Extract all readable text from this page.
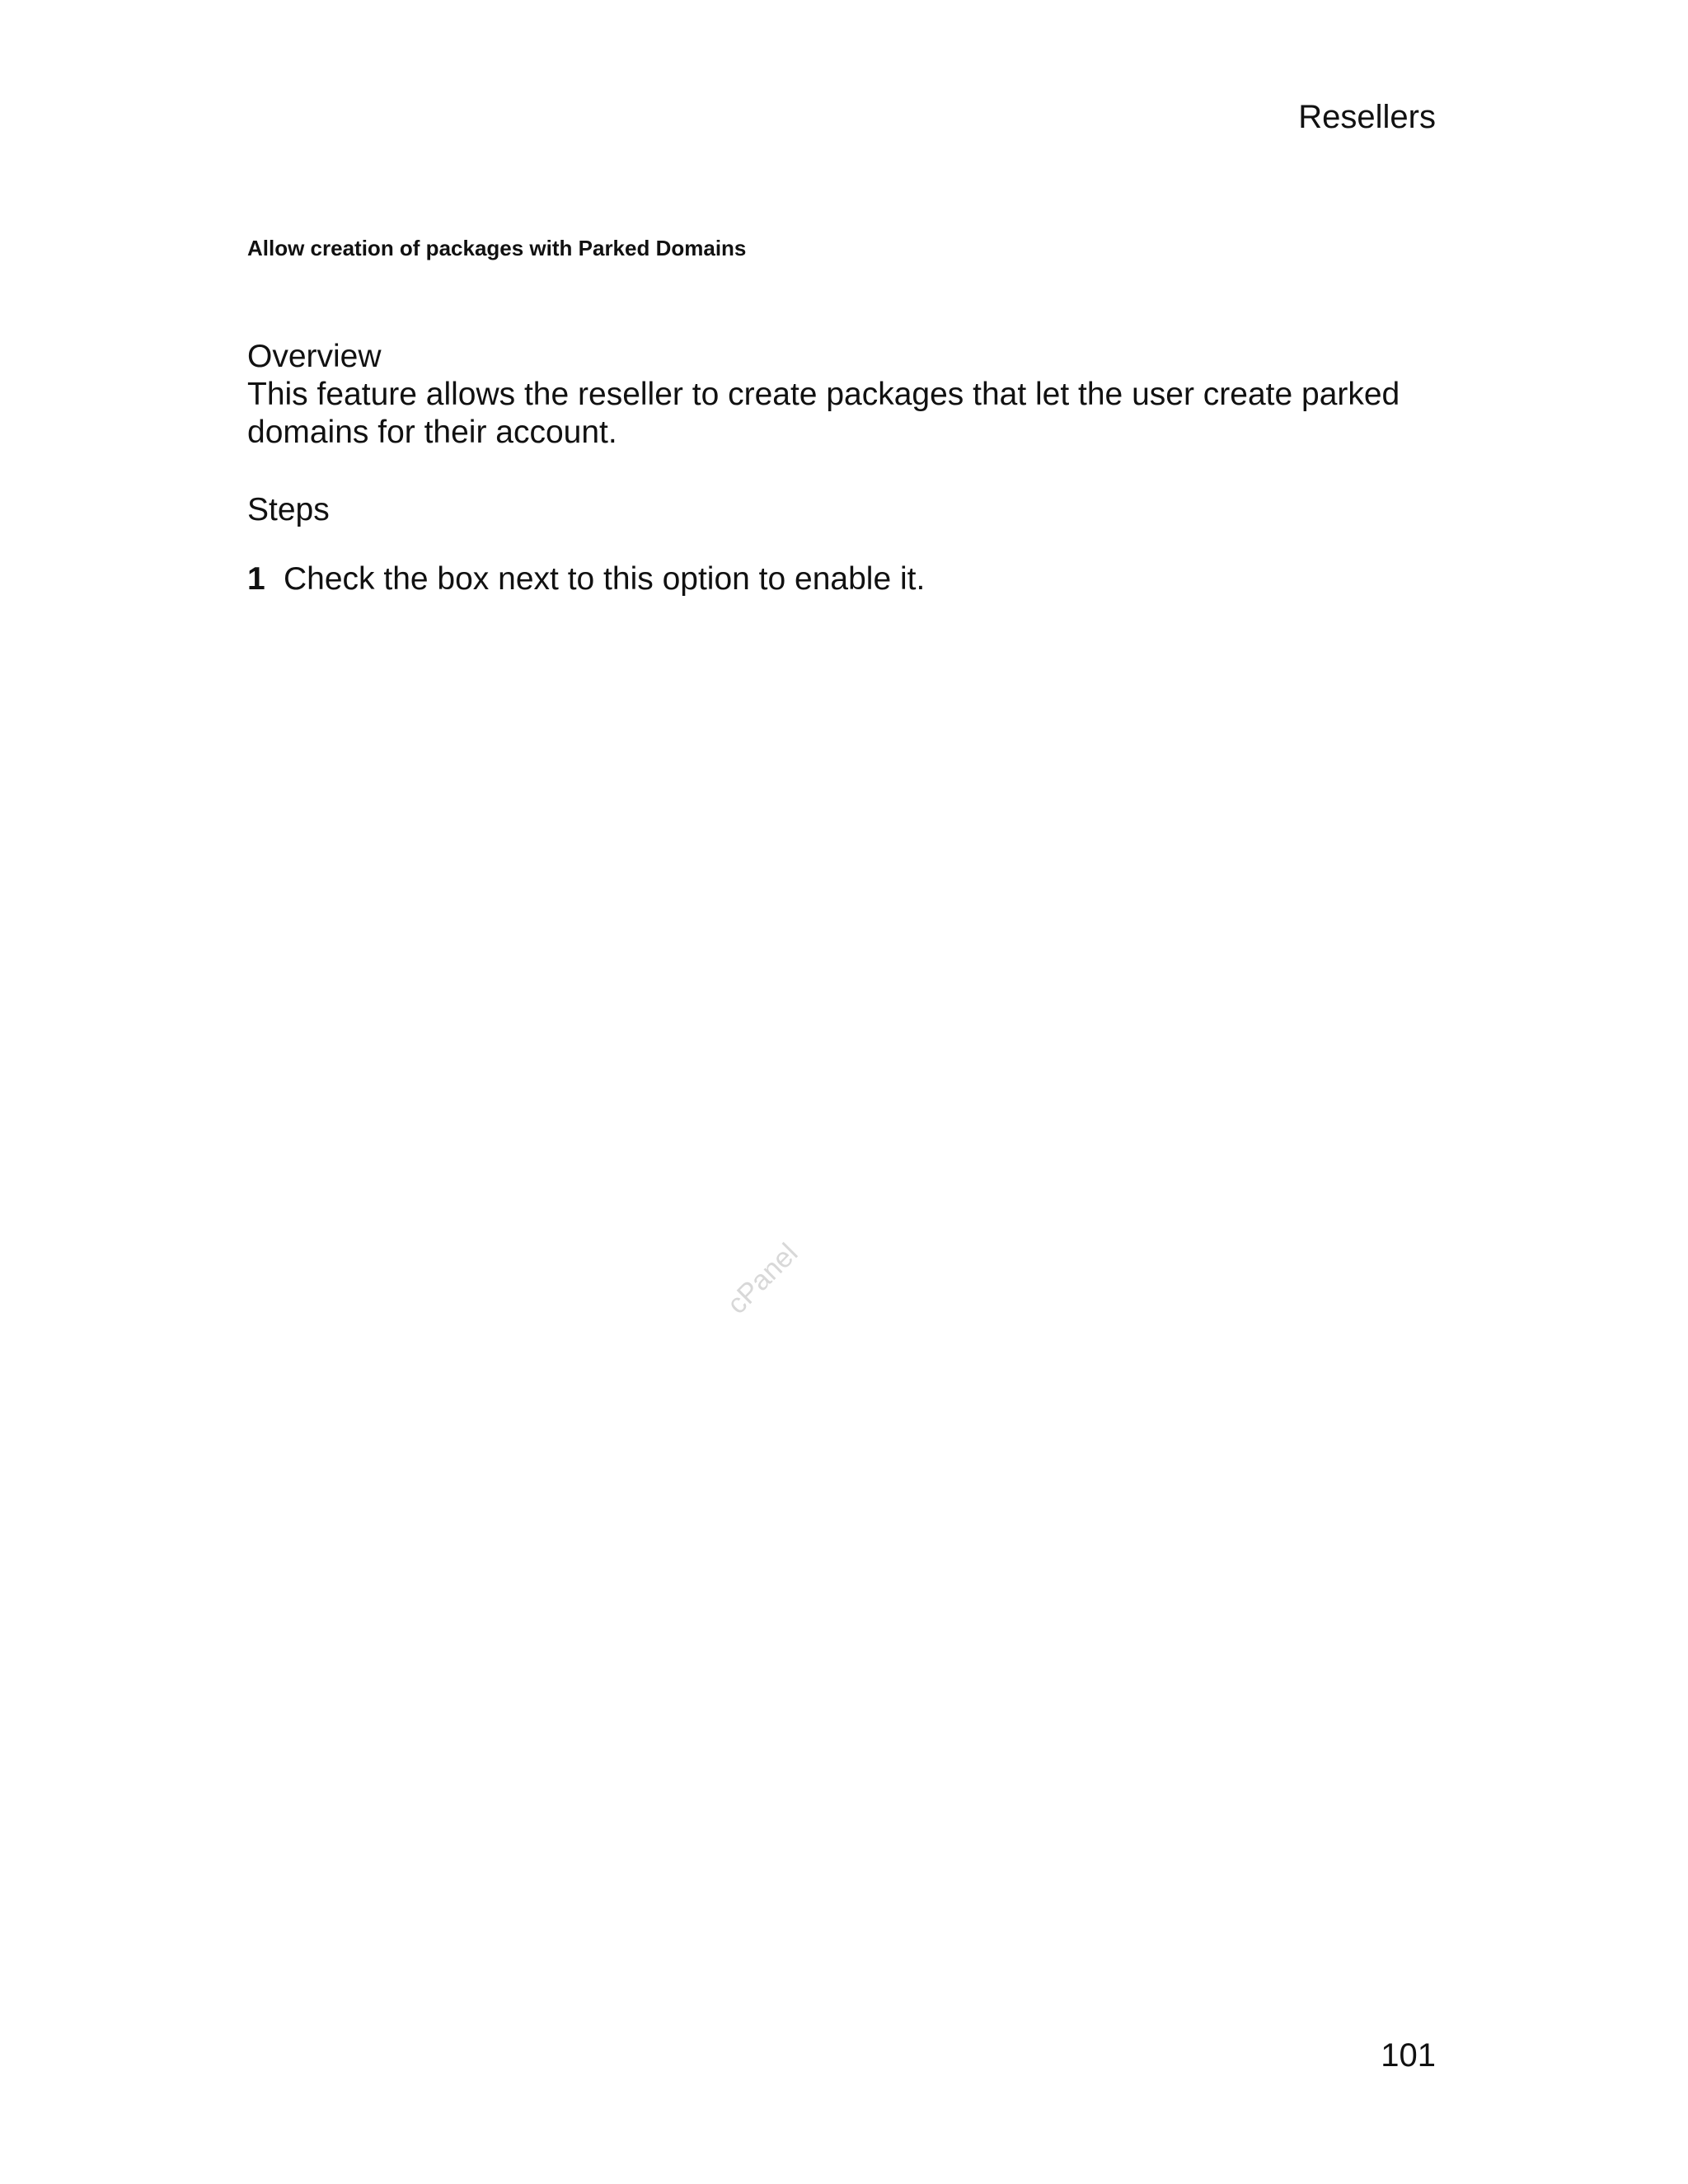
Resellers
Allow creation of packages with Parked Domains
Overview
This feature allows the reseller to create packages that let the user create parked domains for their account.
Steps
1 Check the box next to this option to enable it.
cPanel
101
